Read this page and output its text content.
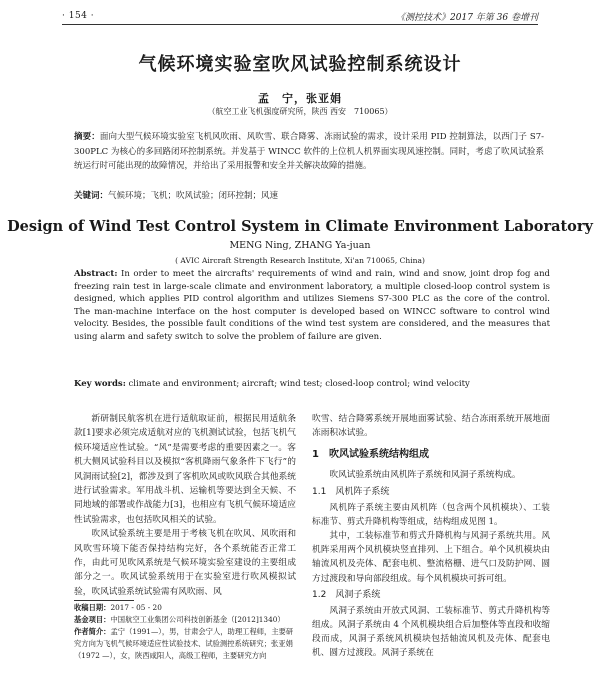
· 154 ·	《测控技术》2017 年第 36 卷增刊
气候环境实验室吹风试验控制系统设计
孟　宁，张亚娟
（航空工业飞机强度研究所，陕西 西安　710065）
摘要：面向大型气候环境实验室飞机风吹雨、风吹雪、联合降雾、冻雨试验的需求，设计采用 PID 控制算法，以西门子 S7-300PLC 为核心的多回路闭环控制系统。并发基于 WINCC 软件的上位机人机界面实现风速控制。同时，考虑了吹风试验系统运行时可能出现的故障情况，并给出了采用报警和安全并关解决故障的措施。
关键词：气候环境；飞机；吹风试验；闭环控制；风速
Design of Wind Test Control System in Climate Environment Laboratory
MENG Ning, ZHANG Ya-juan
( AVIC Aircraft Strength Research Institute, Xi'an 710065, China)
Abstract: In order to meet the aircrafts' requirements of wind and rain, wind and snow, joint drop fog and freezing rain test in large-scale climate and environment laboratory, a multiple closed-loop control system is designed, which applies PID control algorithm and utilizes Siemens S7-300 PLC as the core of the control. The man-machine interface on the host computer is developed based on WINCC software to control wind velocity. Besides, the possible fault conditions of the wind test system are considered, and the measures that using alarm and safety switch to solve the problem of failure are given.
Key words: climate and environment; aircraft; wind test; closed-loop control; wind velocity

新研制民航客机在进行适航取证前，根据民用适航条款[1]要求必须完成适航对应的飞机测试试验，包括飞机气候环境适应性试验。“风”是需要考虑的重要因素之一。客机大侧风试验科目以及模拟“客机降雨气象条件下飞行”的风洞雨试验[2]，都涉及到了客机吹风或吹风联合其他系统进行试验需求。军用战斗机、运输机等要达到全天候、不同地域的部署或作战能力[3]，也相应有飞机气候环境适应性试验需求，也包括吹风相关的试验。

吹风试验系统主要是用于考核飞机在吹风、风吹雨和风吹雪环境下能否保持结构完好，各个系统能否正常工作，由此可见吹风系统是气候环境实验室建设的主要组成部分之一。吹风试验系统用于在实验室进行吹风模拟试验，吹风试验系统试验需有风吹雨、风

吹雪、结合降雾系统开展地面雾试验、结合冻雨系统开展地面冻雨积冰试验。

1　吹风试验系统结构组成

吹风试验系统由风机阵子系统和风洞子系统构成。

1.1　风机阵子系统

风机阵子系统主要由风机阵（包含两个风机模块）、工装标准节、剪式升降机构等组成，结构组成见图 1。

其中，工装标准节和剪式升降机构与风洞子系统共用。风机阵采用两个风机模块竖直排列、上下组合。单个风机模块由轴流风机及壳体、配套电机、整流格栅、进气口及防护网、圆方过渡段和导向部段组成。每个风机模块可拆可组。

1.2　风洞子系统

风洞子系统由开放式风洞、工装标准节、剪式升降机构等组成。风洞子系统由 4 个风机模块组合后加整体等直段和收缩段而成，风洞子系统风机模块包括轴流风机及壳体、配套电机、圆方过渡段。风洞子系统在

收稿日期：2017 - 05 - 20
基金项目：中国航空工业集团公司科技创新基金（[2012]1340）
作者简介：孟宁（1991—），男，甘肃会宁人，助理工程师，主要研究方向为飞机气候环境适应性试验技术、试验测控系统研究；张亚娟（1972 —），女，陕西咸阳人，高级工程师，主要研究方向
